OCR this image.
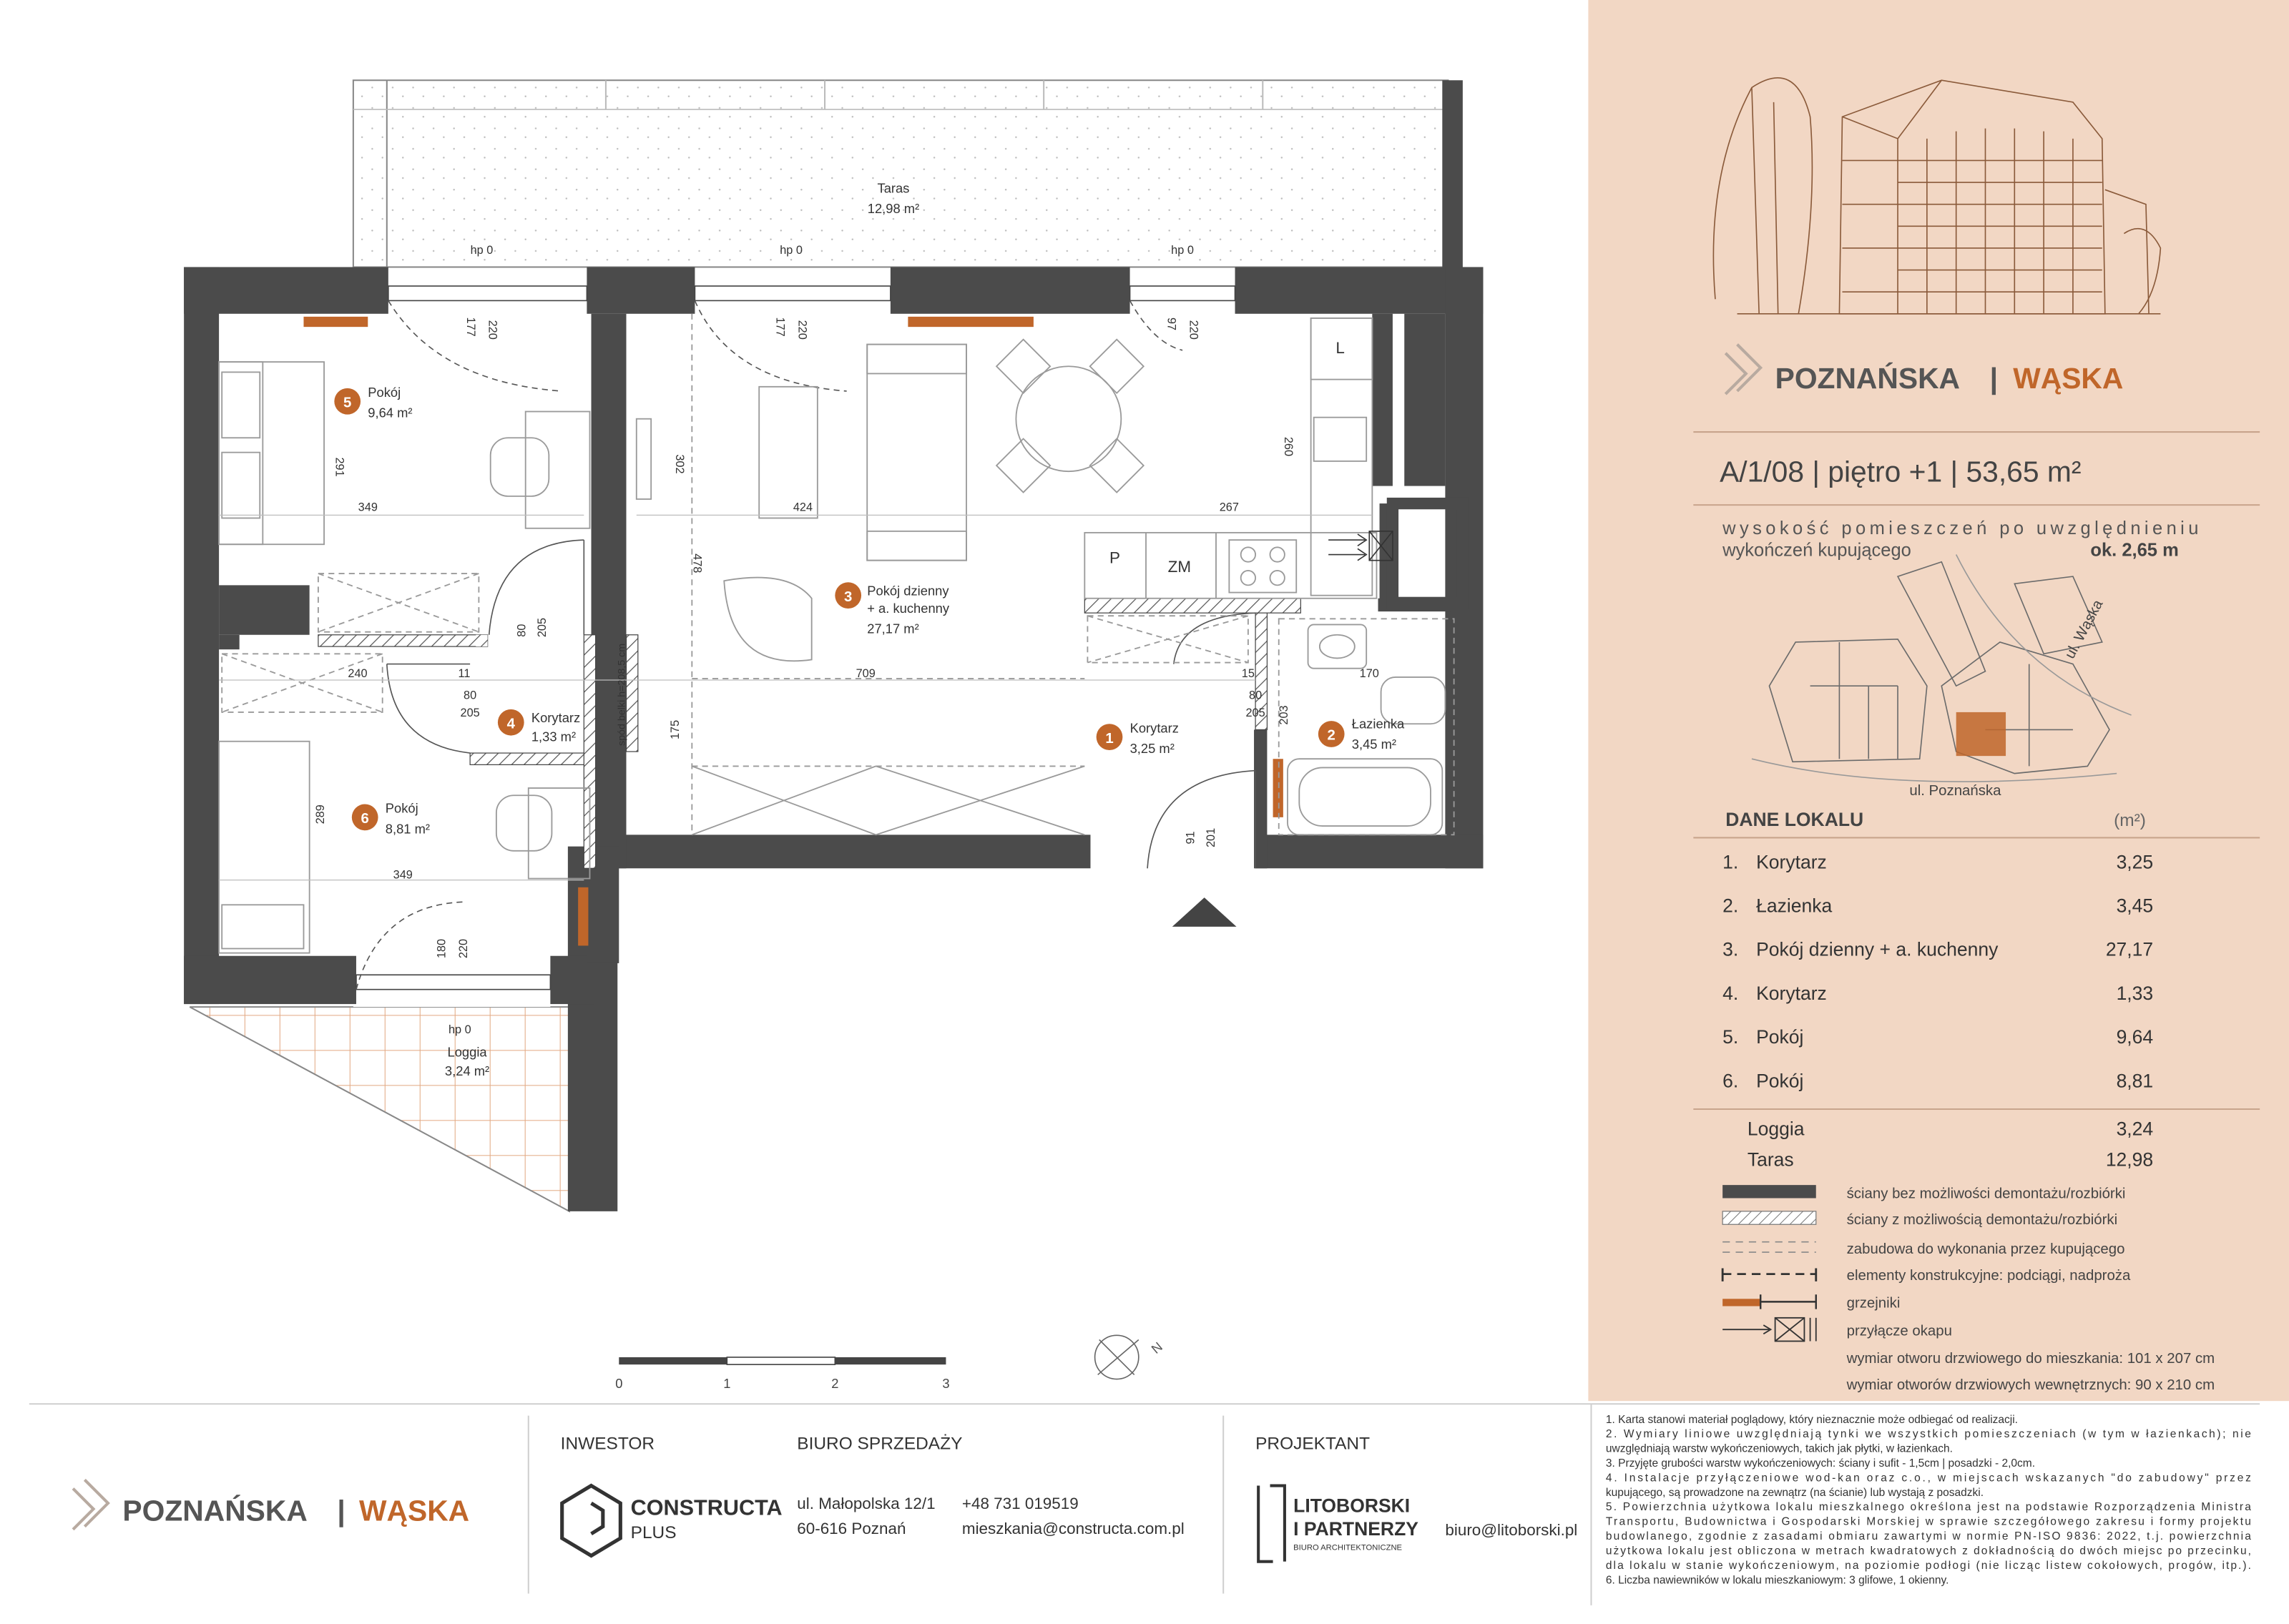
POZNAŃSKA | WĄSKA
A/1/08 | piętro +1 | 53,65 m²
wysokość pomieszczeń po uwzględnieniu
wykończeń kupującego	ok. 2,65 m
ul. Wąska
ul. Poznańska
DANE LOKALU	(m²)
1. Korytarz	3,25
2. Łazienka	3,45
3. Pokój dzienny + a. kuchenny	27,17
4. Korytarz	1,33
5. Pokój	9,64
6. Pokój	8,81
Loggia	3,24
Taras	12,98
ściany bez możliwości demontażu/rozbiórki
ściany z możliwością demontażu/rozbiórki
zabudowa do wykonania przez kupującego
elementy konstrukcyjne: podciągi, nadproża
grzejniki
przyłącze okapu
wymiar otworu drzwiowego do mieszkania: 101 x 207 cm
wymiar otworów drzwiowych wewnętrznych: 90 x 210 cm
Taras
12,98 m²
Loggia
3,24 m²
hp 0
hp 0	hp 0	hp 0
349
291
424	267
302
478
260
177 220	177 220	97 220
80 205
240	11
80
205
709
175
15
80
205
170
203
91 201
289
349
180 220
spód belki h=208,5 cm
L
P	ZM
5
Pokój
9,64 m²
3 Pokój dzienny
+ a. kuchenny
27,17 m²
4	Korytarz
1,33 m²	1
Korytarz
3,25 m²
2
Łazienka
3,45 m²
6
Pokój
8,81 m²
0	1	2	3
N
POZNAŃSKA | WĄSKA
INWESTOR
CONSTRUCTA
PLUS
BIURO SPRZEDAŻY
ul. Małopolska 12/1
60-616 Poznań
+48 731 019519
mieszkania@constructa.com.pl
PROJEKTANT
LITOBORSKI
I PARTNERZY
BIURO ARCHITEKTONICZNE
biuro@litoborski.pl
1. Karta stanowi materiał poglądowy, który nieznacznie może odbiegać od realizacji.
2. Wymiary liniowe uwzględniają tynki we wszystkich pomieszczeniach (w tym w łazienkach); nie
uwzględniają warstw wykończeniowych, takich jak płytki, w łazienkach.
3. Przyjęte grubości warstw wykończeniowych: ściany i sufit - 1,5cm | posadzki - 2,0cm.
4. Instalacje przyłączeniowe wod-kan oraz c.o., w miejscach wskazanych "do zabudowy" przez
kupującego, są prowadzone na zewnątrz (na ścianie) lub wystają z posadzki.
5. Powierzchnia użytkowa lokalu mieszkalnego określona jest na podstawie Rozporządzenia Ministra
Transportu, Budownictwa i Gospodarski Morskiej w sprawie szczegółowego zakresu i formy projektu
budowlanego, zgodnie z zasadami obmiaru zawartymi w normie PN-ISO 9836: 2022, t.j. powierzchnia
użytkowa lokalu jest obliczona w metrach kwadratowych z dokładnością do dwóch miejsc po przecinku,
dla lokalu w stanie wykończeniowym, na poziomie podłogi (nie licząc listew cokołowych, progów, itp.).
6. Liczba nawiewników w lokalu mieszkaniowym: 3 glifowe, 1 okienny.
